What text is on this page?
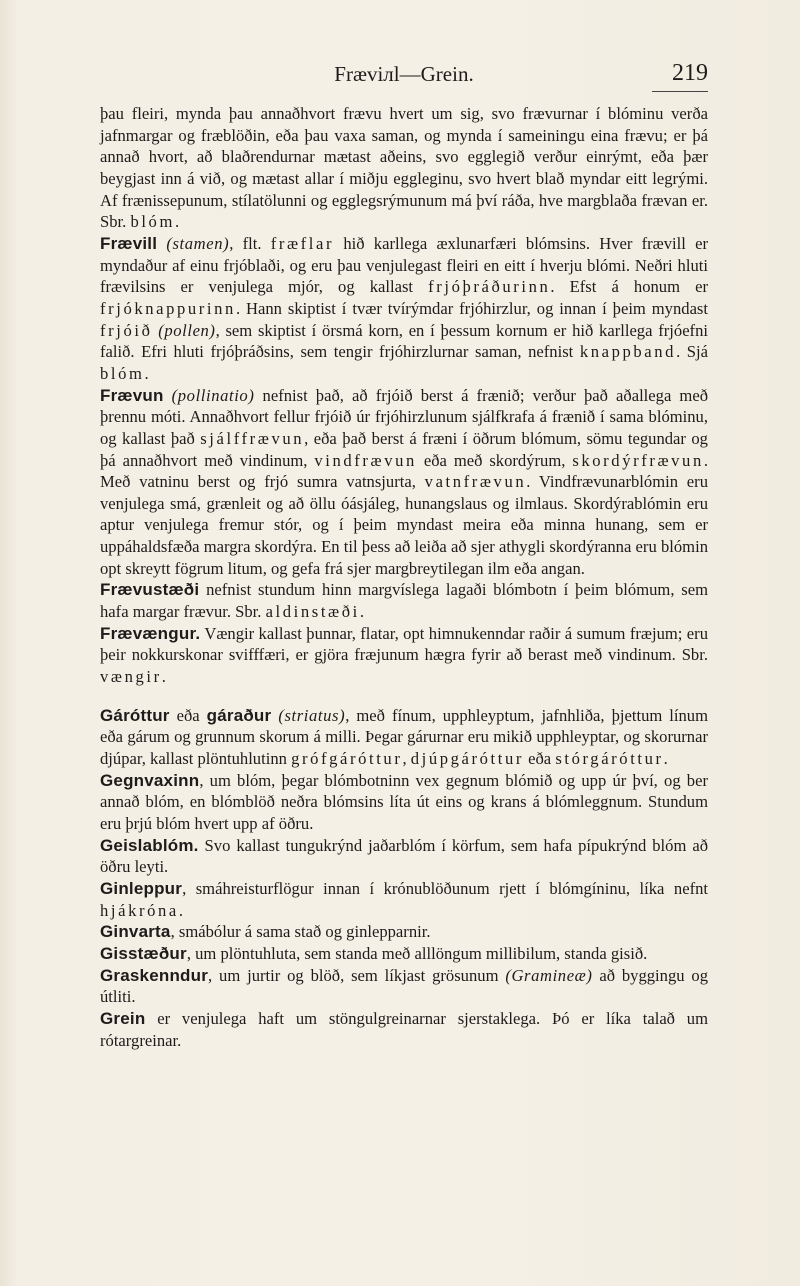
Fræviлl—Grein.	219

þau fleiri, mynda þau annaðhvort frævu hvert um sig, svo frævurnar í blóminu verða jafnmargar og fræblöðin, eða þau vaxa saman, og mynda í sameiningu eina frævu; er þá annað hvort, að blaðrendurnar mætast aðeins, svo egglegið verður einrýmt, eða þær beygjast inn á við, og mætast allar í miðju eggleginu, svo hvert blað myndar eitt legrými. Af frænissepunum, stílatölunni og egglegsrýmunum má því ráða, hve margblaða frævan er. Sbr. blóm.

Frævill (stamen), flt. fræflar hið karllega æxlunarfæri blómsins. Hver frævill er myndaður af einu frjóblaði, og eru þau venjulegast fleiri en eitt í hverju blómi. Neðri hluti frævilsins er venjulega mjór, og kallast frjóþráðurinn. Efst á honum er frjóknappurinn. Hann skiptist í tvær tvírýmdar frjóhirzlur, og innan í þeim myndast frjóið (pollen), sem skiptist í örsmá korn, en í þessum kornum er hið karllega frjóefni falið. Efri hluti frjóþráðsins, sem tengir frjóhirzlurnar saman, nefnist knappband. Sjá blóm.

Frævun (pollinatio) nefnist það, að frjóið berst á frænið; verður það aðallega með þrennu móti. Annaðhvort fellur frjóið úr frjóhirzlunum sjálfkrafa á frænið í sama blóminu, og kallast það sjálffrævun, eða það berst á fræni í öðrum blómum, sömu tegundar og þá annaðhvort með vindinum, vindfrævun eða með skordýrum, skordýrfrævun. Með vatninu berst og frjó sumra vatnsjurta, vatnfrævun. Vindfrævunarblómin eru venjulega smá, grænleit og að öllu óásjáleg, hunangslaus og ilmlaus. Skordýrablómin eru aptur venjulega fremur stór, og í þeim myndast meira eða minna hunang, sem er uppáhaldsfæða margra skordýra. En til þess að leiða að sjer athygli skordýranna eru blómin opt skreytt fögrum litum, og gefa frá sjer margbreytilegan ilm eða angan.

Frævustæði nefnist stundum hinn margvíslega lagaði blómbotn í þeim blómum, sem hafa margar frævur. Sbr. aldinstæði.

Frævængur. Vængir kallast þunnar, flatar, opt himnukenndar raðir á sumum fræjum; eru þeir nokkurskonar svifffæri, er gjöra fræjunum hægra fyrir að berast með vindinum. Sbr. vængir.

Gáróttur eða gáraður (striatus), með fínum, upphleyptum, jafnhliða, þjettum línum eða gárum og grunnum skorum á milli. Þegar gárurnar eru mikið upphleyptar, og skorurnar djúpar, kallast plöntuhlutinn grófgáróttur, djúpgáróttur eða stórgáróttur.

Gegnvaxinn, um blóm, þegar blómbotninn vex gegnum blómið og upp úr því, og ber annað blóm, en blómblöð neðra blómsins líta út eins og krans á blómleggnum. Stundum eru þrjú blóm hvert upp af öðru.

Geislablóm. Svo kallast tungukrýnd jaðarblóm í körfum, sem hafa pípukrýnd blóm að öðru leyti.

Ginleppur, smáhreisturflögur innan í krónublöðunum rjett í blómgíninu, líka nefnt hjákróna.

Ginvarta, smábólur á sama stað og ginlepparnir.

Gisstæður, um plöntuhluta, sem standa með alllöngum millibilum, standa gisið.

Graskenndur, um jurtir og blöð, sem líkjast grösunum (Gramineæ) að byggingu og útliti.

Grein er venjulega haft um stöngulgreinarnar sjerstaklega. Þó er líka talað um rótargreinar.
